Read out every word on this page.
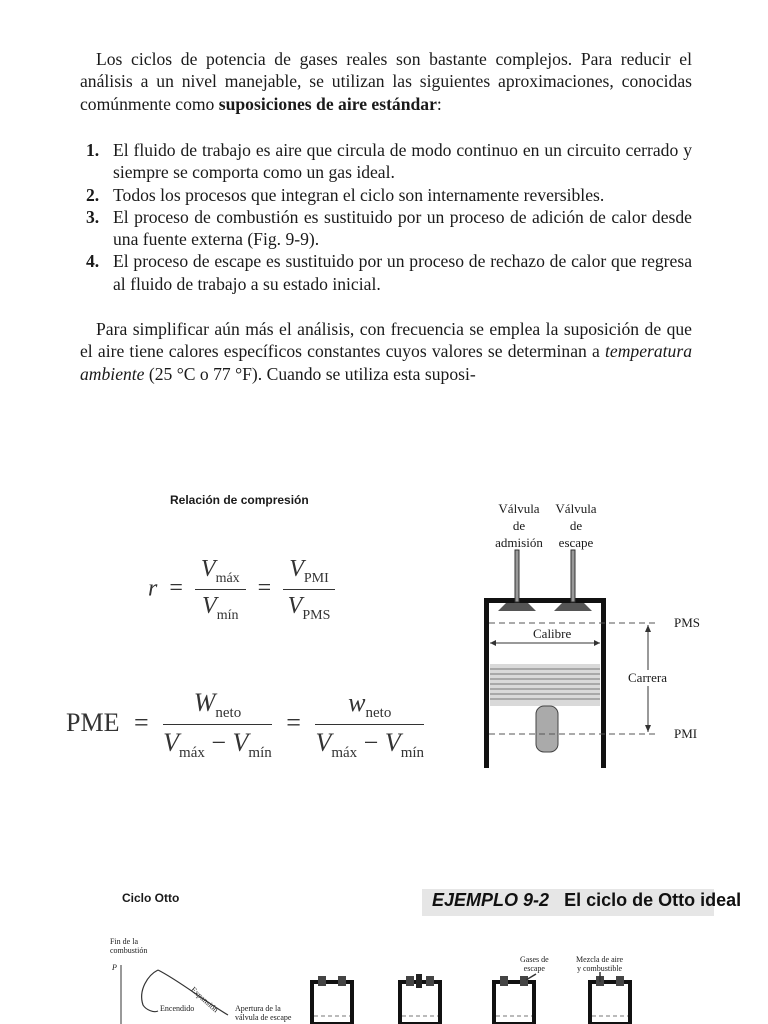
Los ciclos de potencia de gases reales son bastante complejos. Para reducir el análisis a un nivel manejable, se utilizan las siguientes aproximaciones, conocidas comúnmente como suposiciones de aire estándar:
1. El fluido de trabajo es aire que circula de modo continuo en un circuito cerrado y siempre se comporta como un gas ideal.
2. Todos los procesos que integran el ciclo son internamente reversibles.
3. El proceso de combustión es sustituido por un proceso de adición de calor desde una fuente externa (Fig. 9-9).
4. El proceso de escape es sustituido por un proceso de rechazo de calor que regresa al fluido de trabajo a su estado inicial.
Para simplificar aún más el análisis, con frecuencia se emplea la suposición de que el aire tiene calores específicos constantes cuyos valores se determinan a temperatura ambiente (25 °C o 77 °F). Cuando se utiliza esta suposi-
Relación de compresión
$r = \frac{V_{máx}}{V_{mín}} = \frac{V_{PMI}}{V_{PMS}}$
PME = $\frac{W_{neto}}{V_{máx} - V_{mín}} = \frac{w_{neto}}{V_{máx} - V_{mín}}$
Válvula
de
admisión
Válvula
de
escape
Calibre
PMS
Carrera
PMI
Ciclo Otto	EJEMPLO 9-2 El ciclo de Otto ideal
Fin de la
combustión
P
Encendido
Expansión Apertura de la
válvula de escape
Gases de
escape
Mezcla de aire
y combustible
